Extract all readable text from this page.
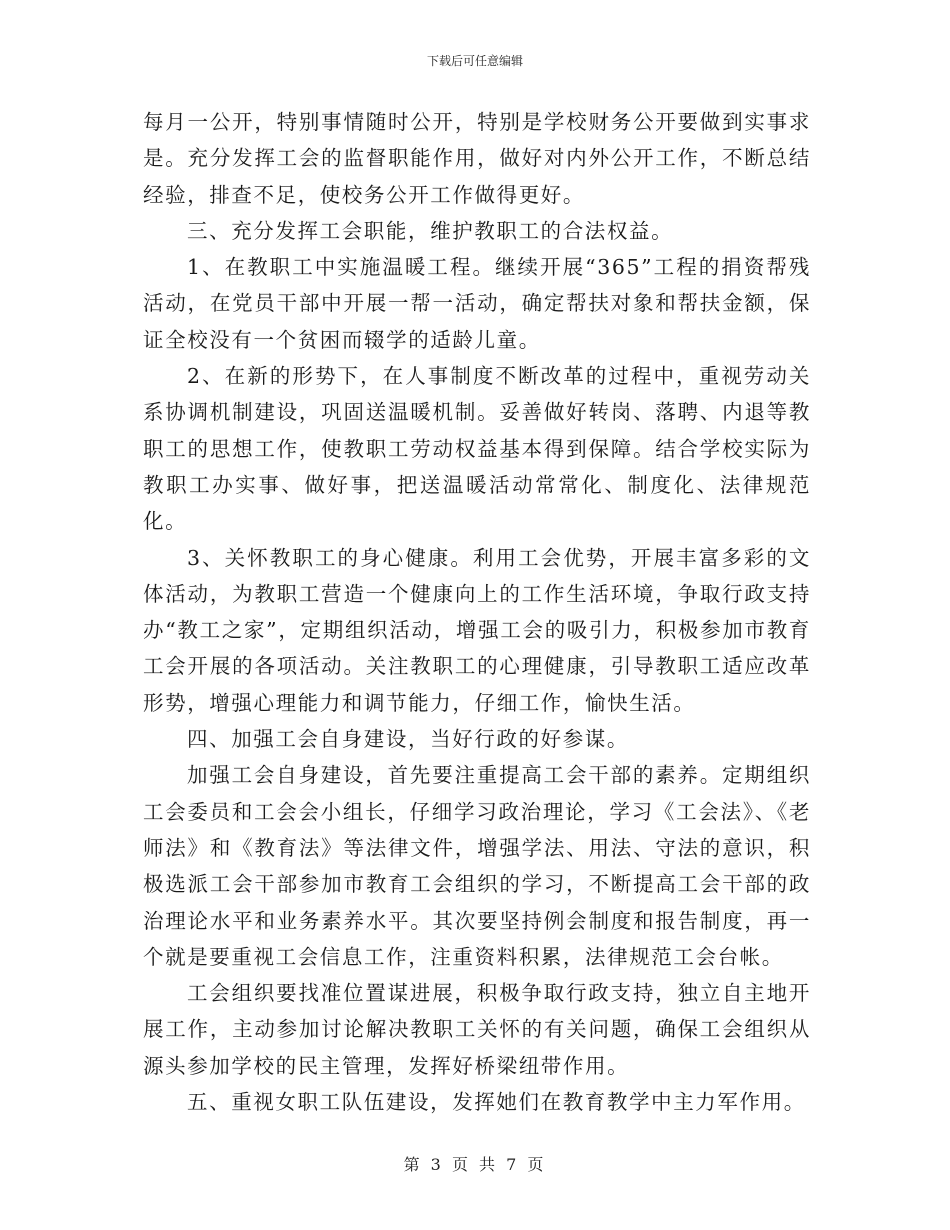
下载后可任意编辑

每月一公开，特别事情随时公开，特别是学校财务公开要做到实事求是。充分发挥工会的监督职能作用，做好对内外公开工作，不断总结经验，排查不足，使校务公开工作做得更好。

三、充分发挥工会职能，维护教职工的合法权益。

1、在教职工中实施温暖工程。继续开展“365”工程的捐资帮残活动，在党员干部中开展一帮一活动，确定帮扶对象和帮扶金额，保证全校没有一个贫困而辍学的适龄儿童。

2、在新的形势下，在人事制度不断改革的过程中，重视劳动关系协调机制建设，巩固送温暖机制。妥善做好转岗、落聘、内退等教职工的思想工作，使教职工劳动权益基本得到保障。结合学校实际为教职工办实事、做好事，把送温暖活动常常化、制度化、法律规范化。

3、关怀教职工的身心健康。利用工会优势，开展丰富多彩的文体活动，为教职工营造一个健康向上的工作生活环境，争取行政支持办“教工之家”，定期组织活动，增强工会的吸引力，积极参加市教育工会开展的各项活动。关注教职工的心理健康，引导教职工适应改革形势，增强心理能力和调节能力，仔细工作，愉快生活。

四、加强工会自身建设，当好行政的好参谋。

加强工会自身建设，首先要注重提高工会干部的素养。定期组织工会委员和工会会小组长，仔细学习政治理论，学习《工会法》、《老师法》和《教育法》等法律文件，增强学法、用法、守法的意识，积极选派工会干部参加市教育工会组织的学习，不断提高工会干部的政治理论水平和业务素养水平。其次要坚持例会制度和报告制度，再一个就是要重视工会信息工作，注重资料积累，法律规范工会台帐。

工会组织要找准位置谋进展，积极争取行政支持，独立自主地开展工作，主动参加讨论解决教职工关怀的有关问题，确保工会组织从源头参加学校的民主管理，发挥好桥梁纽带作用。

五、重视女职工队伍建设，发挥她们在教育教学中主力军作用。

第 3 页 共 7 页
